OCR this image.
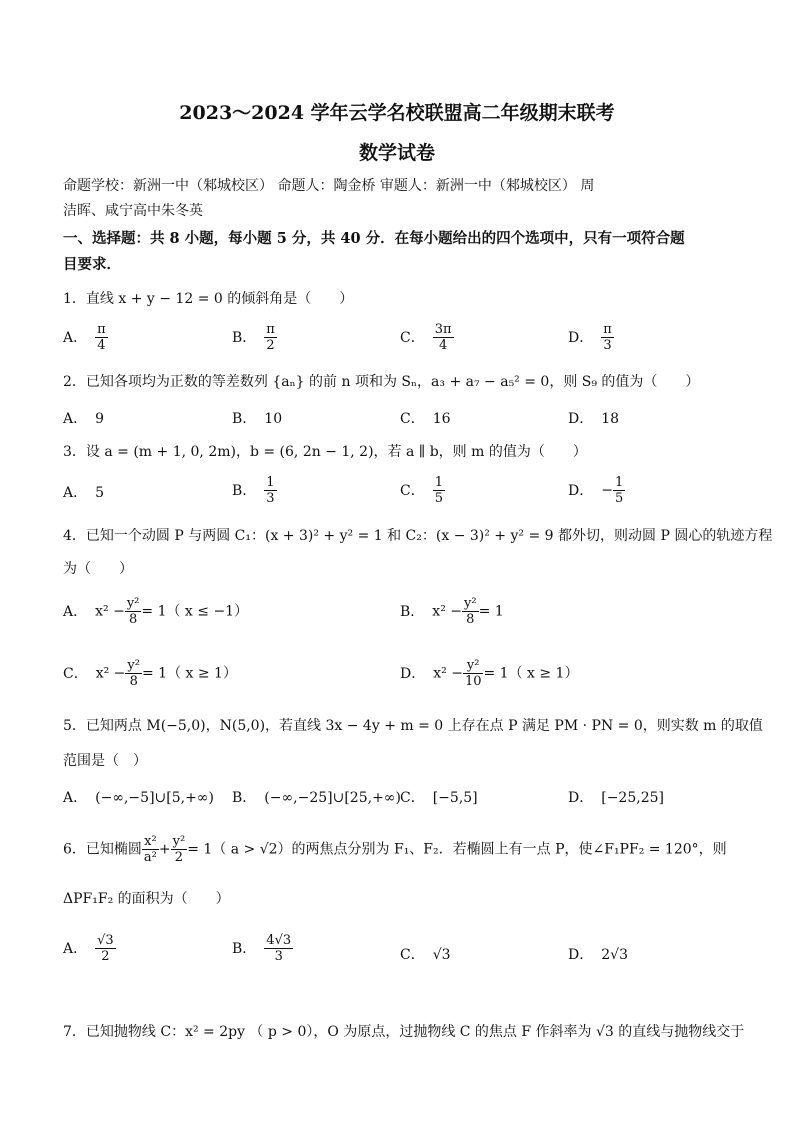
2023～2024 学年云学名校联盟高二年级期末联考
数学试卷
命题学校：新洲一中（邾城校区） 命题人：陶金桥 审题人：新洲一中（邾城校区） 周
洁晖、咸宁高中朱冬英
一、选择题：共 8 小题，每小题 5 分，共 40 分．在每小题给出的四个选项中，只有一项符合题
目要求．
1．直线 x + y − 12 = 0 的倾斜角是（　　）
A． $\frac{\pi}{4}$	B． $\frac{\pi}{2}$	C． $\frac{3\pi}{4}$	D． $\frac{\pi}{3}$
2．已知各项均为正数的等差数列 {aₙ} 的前 n 项和为 Sₙ，a₃ + a₇ − a₅² = 0，则 S₉ 的值为（　　）
A． 9	B． 10	C． 16	D． 18
3．设 a = (m + 1, 0, 2m)，b = (6, 2n − 1, 2)，若 a ∥ b，则 m 的值为（　　）
A． 5	B． $\frac{1}{3}$	C． $\frac{1}{5}$	D． − $\frac{1}{5}$
4．已知一个动圆 P 与两圆 C₁：(x + 3)² + y² = 1 和 C₂：(x − 3)² + y² = 9 都外切，则动圆 P 圆心的轨迹方程
为（　　）
A． $x^2 - \frac{\text{y²}}{8} = 1$（ x ≤ −1）	B． $x^2 - \frac{\text{y²}}{8} = 1$
C． $x^2 - \frac{\text{y²}}{8} = 1$（ x ≥ 1）	D． $x^2 - \frac{\text{y²}}{10} = 1$（ x ≥ 1）
5．已知两点 M(−5,0)，N(5,0)，若直线 3x − 4y + m = 0 上存在点 P 满足 PM · PN = 0，则实数 m 的取值
范围是（　）
A． (−∞,−5]∪[5,+∞) B． (−∞,−25]∪[25,+∞) C． [−5,5]	D． [−25,25]
6．已知椭圆 $\frac{\text{x²}}{\text{a²}} + \frac{\text{y²}}{2} = 1$（ a > √2）的两焦点分别为 F₁、F₂．若椭圆上有一点 P，使∠F₁PF₂ = 120°，则
ΔPF₁F₂ 的面积为（　　）
A． $\frac{√3}{2}$	B． $\frac{4√3}{3}$	C． √3	D． 2√3
7．已知抛物线 C：x² = 2py （ p > 0），O 为原点，过抛物线 C 的焦点 F 作斜率为 √3 的直线与抛物线交于
